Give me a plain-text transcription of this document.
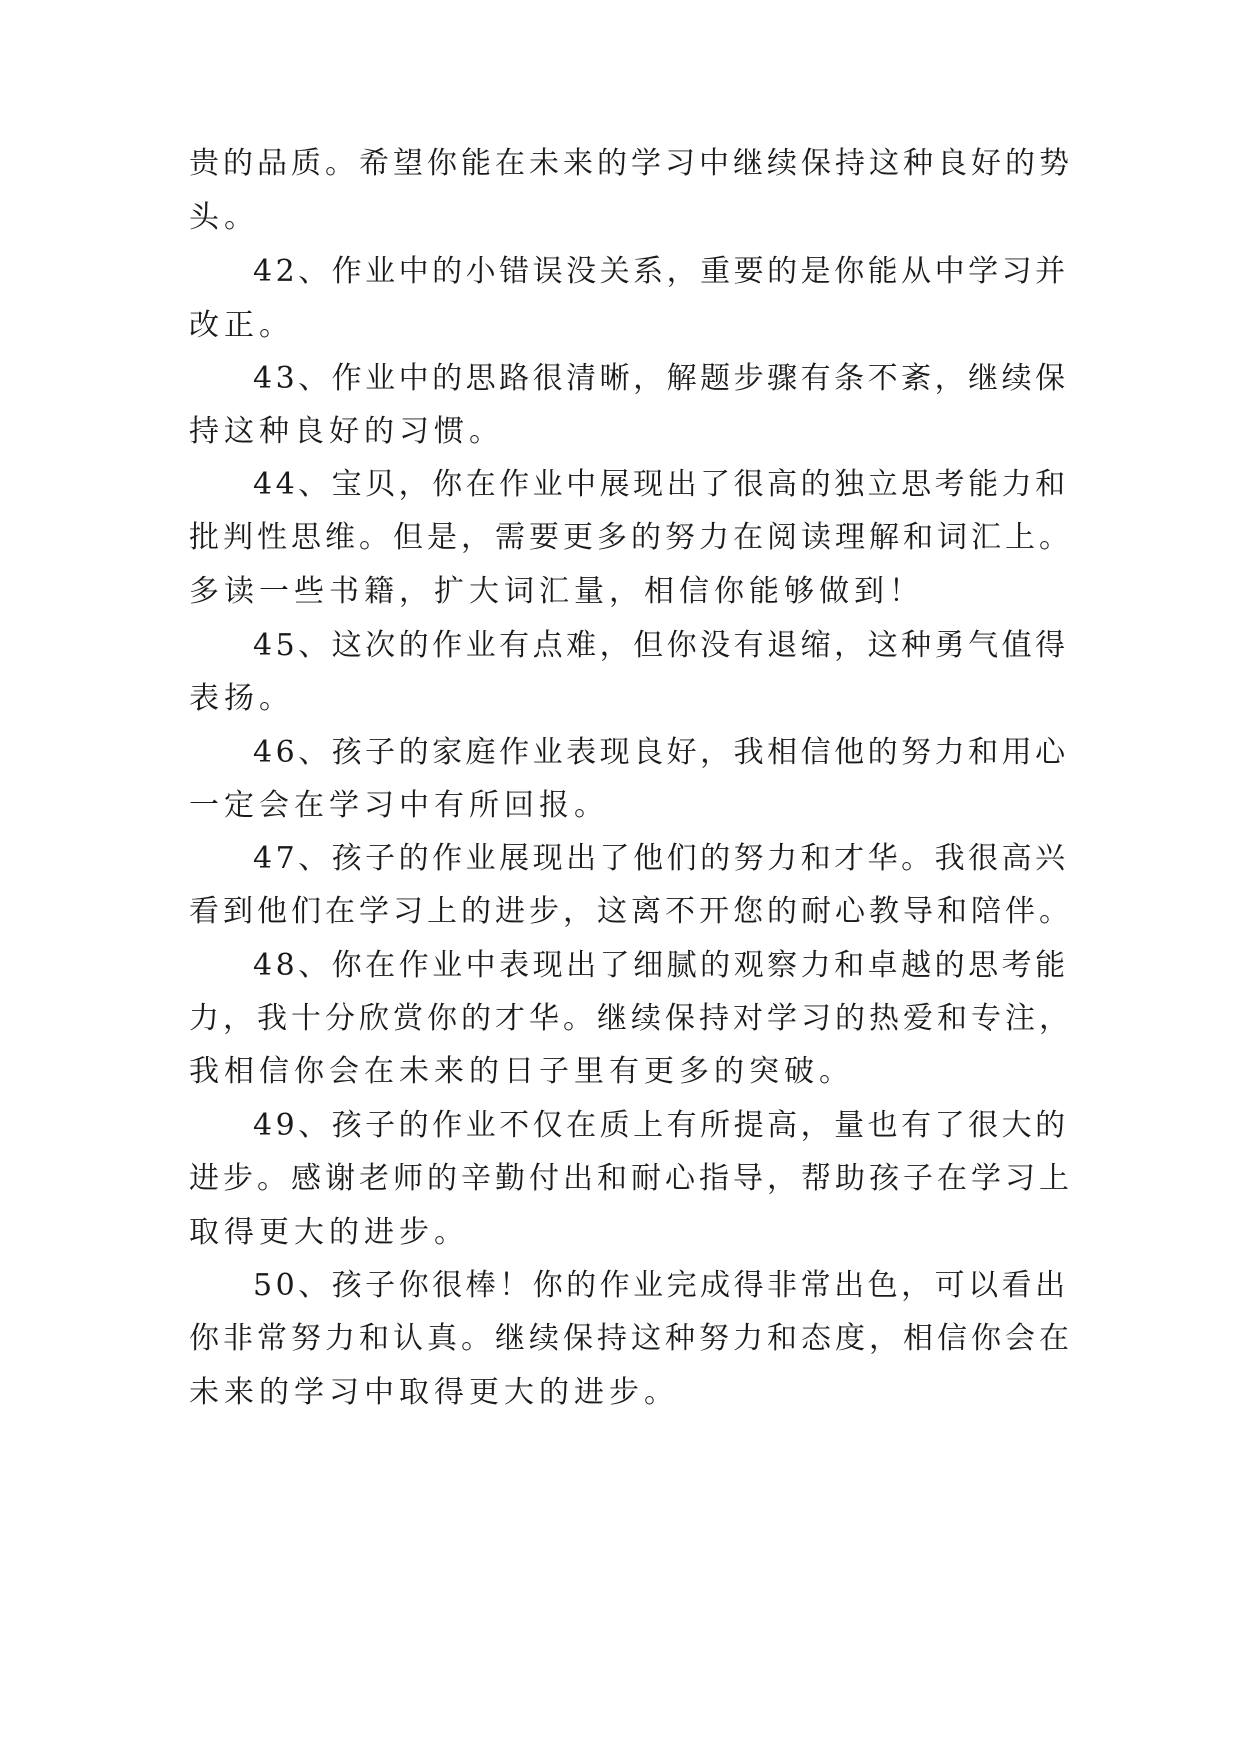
贵的品质。希望你能在未来的学习中继续保持这种良好的势
头。
42、作业中的小错误没关系，重要的是你能从中学习并
改正。
43、作业中的思路很清晰，解题步骤有条不紊，继续保
持这种良好的习惯。
44、宝贝，你在作业中展现出了很高的独立思考能力和
批判性思维。但是，需要更多的努力在阅读理解和词汇上。
多读一些书籍，扩大词汇量，相信你能够做到！
45、这次的作业有点难，但你没有退缩，这种勇气值得
表扬。
46、孩子的家庭作业表现良好，我相信他的努力和用心
一定会在学习中有所回报。
47、孩子的作业展现出了他们的努力和才华。我很高兴
看到他们在学习上的进步，这离不开您的耐心教导和陪伴。
48、你在作业中表现出了细腻的观察力和卓越的思考能
力，我十分欣赏你的才华。继续保持对学习的热爱和专注，
我相信你会在未来的日子里有更多的突破。
49、孩子的作业不仅在质上有所提高，量也有了很大的
进步。感谢老师的辛勤付出和耐心指导，帮助孩子在学习上
取得更大的进步。
50、孩子你很棒！你的作业完成得非常出色，可以看出
你非常努力和认真。继续保持这种努力和态度，相信你会在
未来的学习中取得更大的进步。
